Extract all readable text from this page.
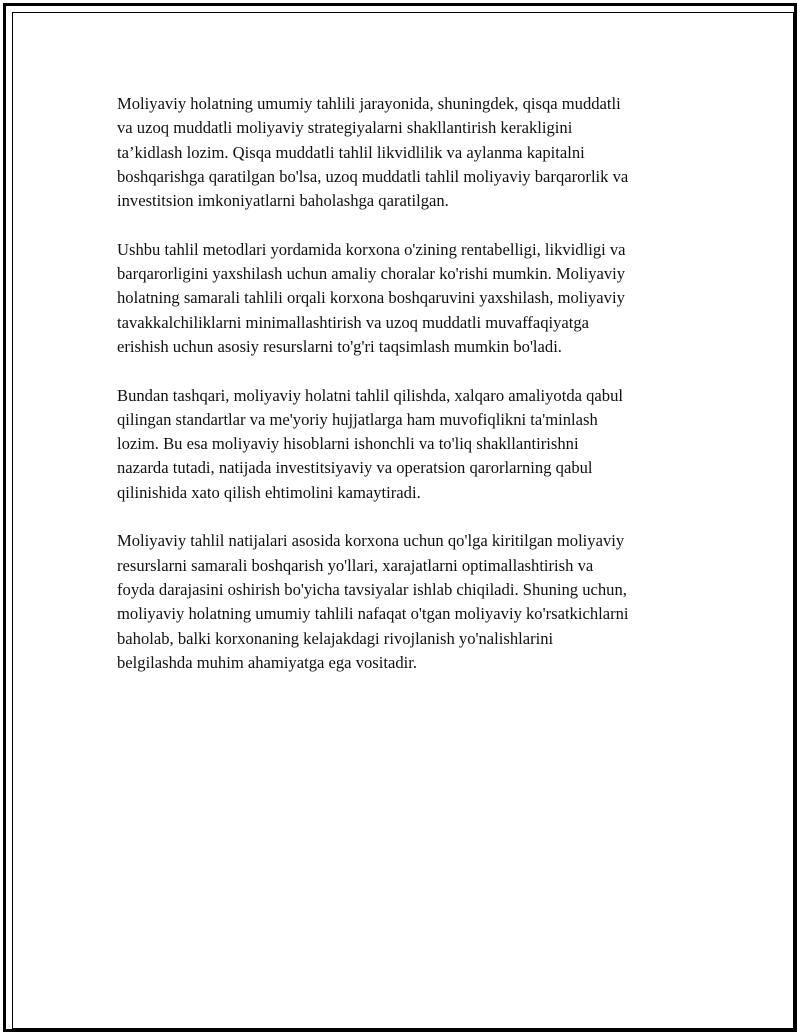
Moliyaviy holatning umumiy tahlili jarayonida, shuningdek, qisqa muddatli
va uzoq muddatli moliyaviy strategiyalarni shakllantirish kerakligini
ta’kidlash lozim. Qisqa muddatli tahlil likvidlilik va aylanma kapitalni
boshqarishga qaratilgan bo'lsa, uzoq muddatli tahlil moliyaviy barqarorlik va
investitsion imkoniyatlarni baholashga qaratilgan.

Ushbu tahlil metodlari yordamida korxona o'zining rentabelligi, likvidligi va
barqarorligini yaxshilash uchun amaliy choralar ko'rishi mumkin. Moliyaviy
holatning samarali tahlili orqali korxona boshqaruvini yaxshilash, moliyaviy
tavakkalchiliklarni minimallashtirish va uzoq muddatli muvaffaqiyatga
erishish uchun asosiy resurslarni to'g'ri taqsimlash mumkin bo'ladi.

Bundan tashqari, moliyaviy holatni tahlil qilishda, xalqaro amaliyotda qabul
qilingan standartlar va me'yoriy hujjatlarga ham muvofiqlikni ta'minlash
lozim. Bu esa moliyaviy hisoblarni ishonchli va to'liq shakllantirishni
nazarda tutadi, natijada investitsiyaviy va operatsion qarorlarning qabul
qilinishida xato qilish ehtimolini kamaytiradi.

Moliyaviy tahlil natijalari asosida korxona uchun qo'lga kiritilgan moliyaviy
resurslarni samarali boshqarish yo'llari, xarajatlarni optimallashtirish va
foyda darajasini oshirish bo'yicha tavsiyalar ishlab chiqiladi. Shuning uchun,
moliyaviy holatning umumiy tahlili nafaqat o'tgan moliyaviy ko'rsatkichlarni
baholab, balki korxonaning kelajakdagi rivojlanish yo'nalishlarini
belgilashda muhim ahamiyatga ega vositadir.
